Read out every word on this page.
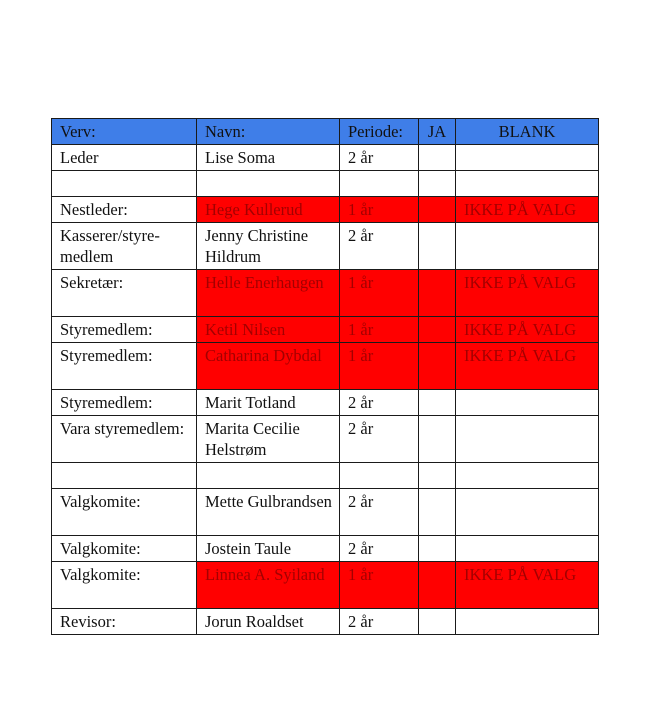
Verv:	Navn:	Periode:	JA	BLANK
Leder	Lise Soma	2 år		

Nestleder:	Hege Kullerud	1 år		IKKE PÅ VALG
Kasserer/styre-medlem	Jenny Christine Hildrum	2 år		
Sekretær:	Helle Enerhaugen	1 år		IKKE PÅ VALG
Styremedlem:	Ketil Nilsen	1 år		IKKE PÅ VALG
Styremedlem:	Catharina Dybdal	1 år		IKKE PÅ VALG
Styremedlem:	Marit Totland	2 år		
Vara styremedlem:	Marita Cecilie Helstrøm	2 år		

Valgkomite:	Mette Gulbrandsen	2 år		
Valgkomite:	Jostein Taule	2 år		
Valgkomite:	Linnea A. Syiland	1 år		IKKE PÅ VALG
Revisor:	Jorun Roaldset	2 år		
